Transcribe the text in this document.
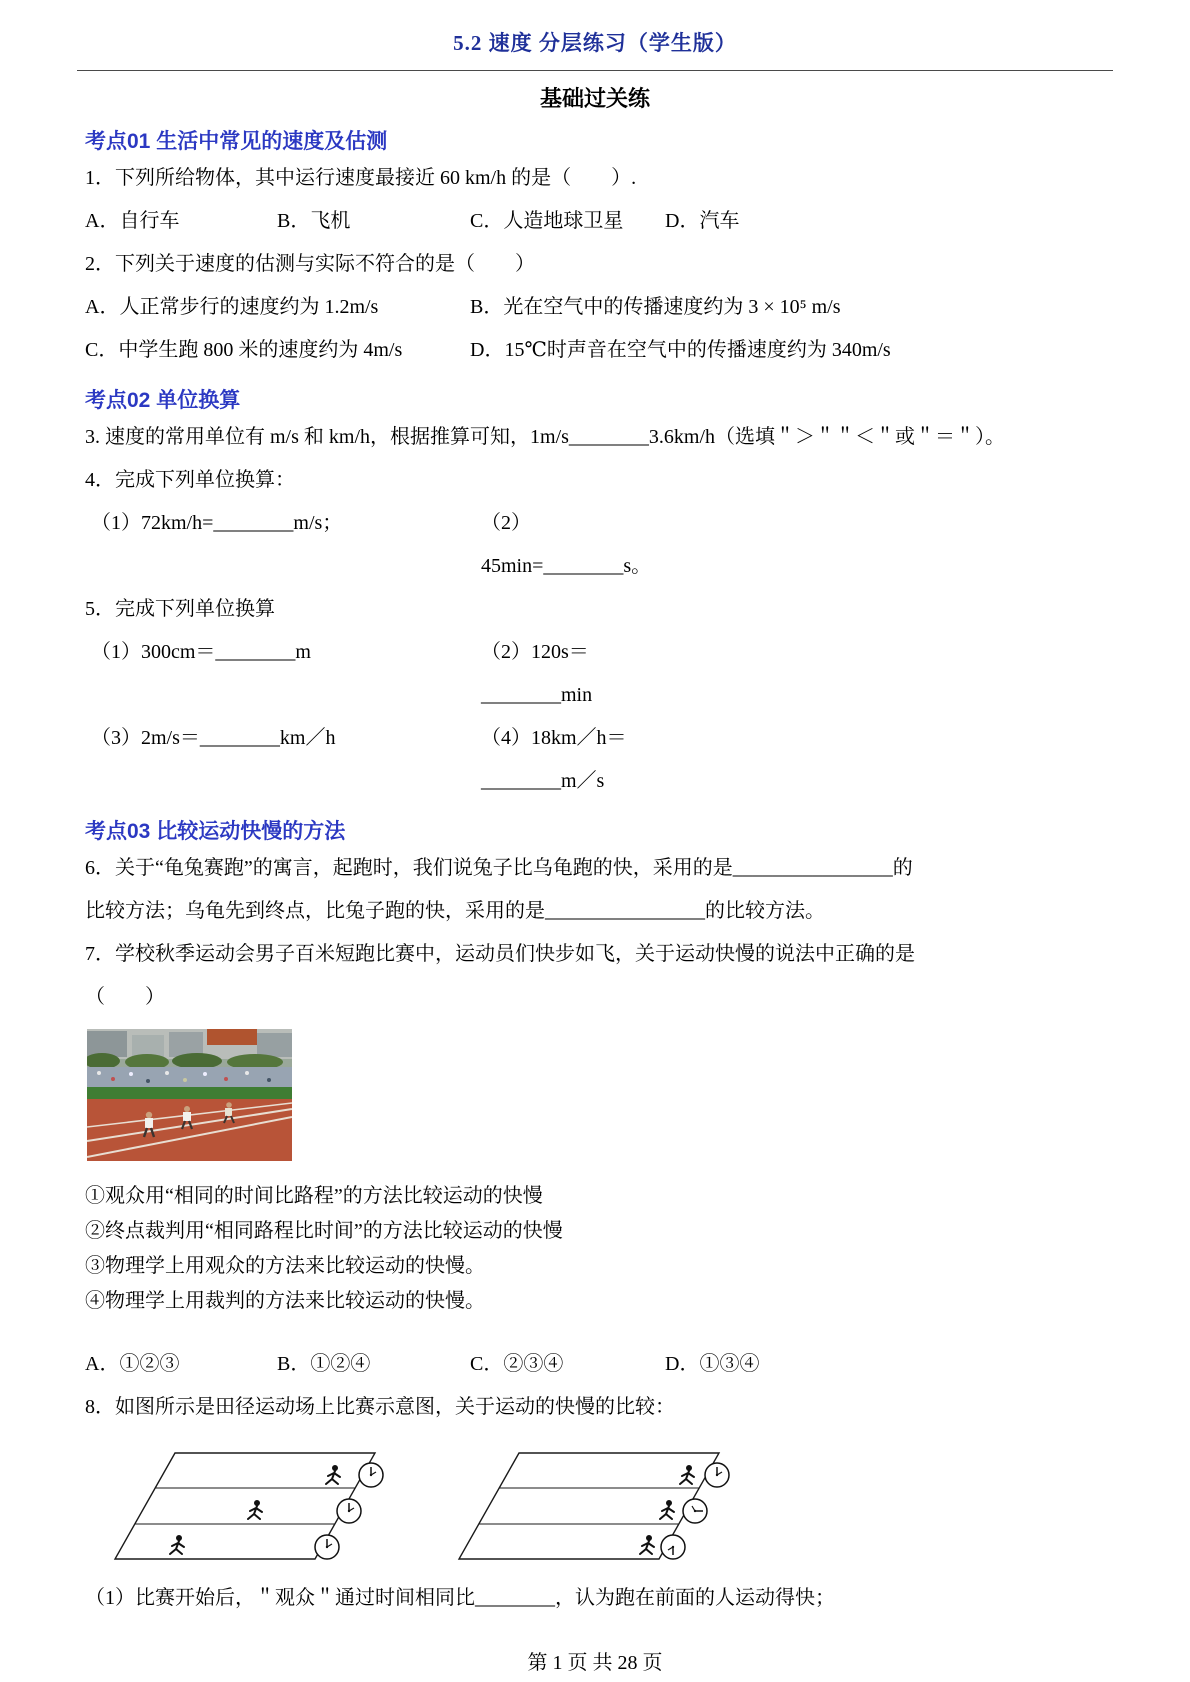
5.2 速度 分层练习（学生版）
基础过关练
考点01 生活中常见的速度及估测

1．下列所给物体，其中运行速度最接近 60 km/h 的是（　　）.

A．自行车	B．飞机	C．人造地球卫星	D．汽车

2．下列关于速度的估测与实际不符合的是（　　）

A．人正常步行的速度约为 1.2m/s	B．光在空气中的传播速度约为 3 × 10⁵ m/s
C．中学生跑 800 米的速度约为 4m/s	D．15℃时声音在空气中的传播速度约为 340m/s
考点02 单位换算

3. 速度的常用单位有 m/s 和 km/h，根据推算可知，1m/s________3.6km/h（选填＂＞＂＂＜＂或＂＝＂）。

4．完成下列单位换算：

（1）72km/h=________m/s；	（2）45min=________s。

5．完成下列单位换算

（1）300cm＝________m	（2）120s＝________min
（3）2m/s＝________km／h	（4）18km／h＝________m／s
考点03 比较运动快慢的方法

6．关于“龟兔赛跑”的寓言，起跑时，我们说兔子比乌龟跑的快，采用的是________________的

比较方法；乌龟先到终点，比兔子跑的快，采用的是________________的比较方法。

7．学校秋季运动会男子百米短跑比赛中，运动员们快步如飞，关于运动快慢的说法中正确的是

（　　）

①观众用“相同的时间比路程”的方法比较运动的快慢

②终点裁判用“相同路程比时间”的方法比较运动的快慢

③物理学上用观众的方法来比较运动的快慢。

④物理学上用裁判的方法来比较运动的快慢。

A．①②③	B．①②④	C．②③④	D．①③④

8．如图所示是田径运动场上比赛示意图，关于运动的快慢的比较：

（1）比赛开始后，＂观众＂通过时间相同比________，认为跑在前面的人运动得快；

第 1 页 共 28 页
